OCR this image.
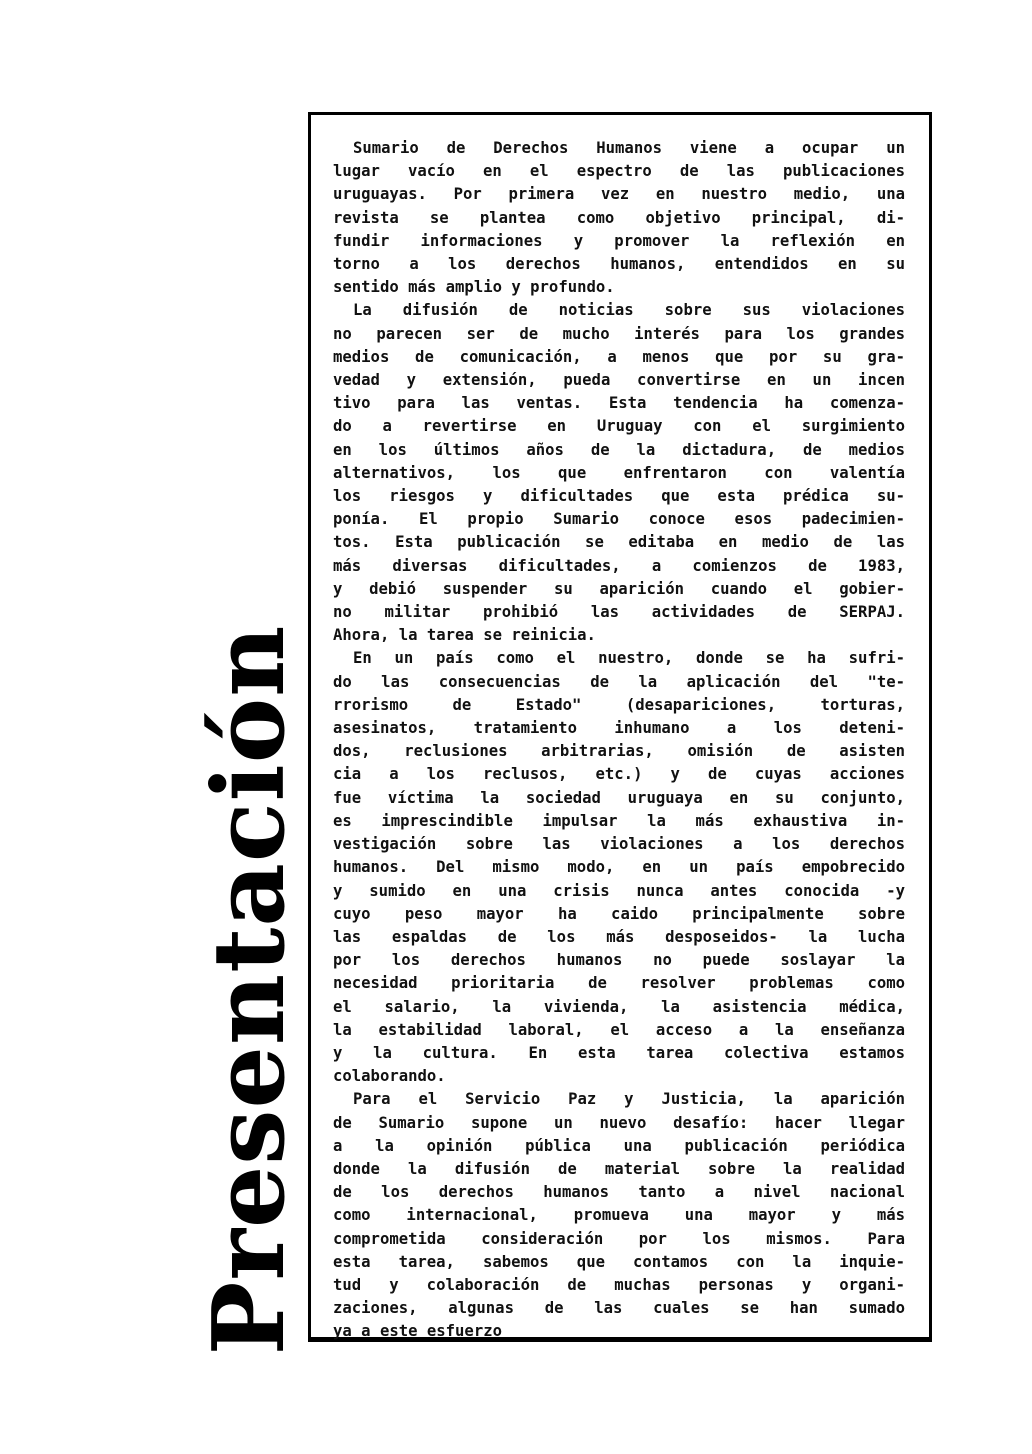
Presentación

Sumario de Derechos Humanos viene a ocupar un
lugar vacío en el espectro de las publicaciones
uruguayas. Por primera vez en nuestro medio, una
revista se plantea como objetivo principal, di-
fundir informaciones y promover la reflexión en
torno a los derechos humanos, entendidos en su
sentido más amplio y profundo.

La difusión de noticias sobre sus violaciones
no parecen ser de mucho interés para los grandes
medios de comunicación, a menos que por su gra-
vedad y extensión, pueda convertirse en un incen
tivo para las ventas. Esta tendencia ha comenza-
do a revertirse en Uruguay con el surgimiento
en los últimos años de la dictadura, de medios
alternativos, los que enfrentaron con valentía
los riesgos y dificultades que esta prédica su-
ponía. El propio Sumario conoce esos padecimien-
tos. Esta publicación se editaba en medio de las
más diversas dificultades, a comienzos de 1983,
y debió suspender su aparición cuando el gobier-
no militar prohibió las actividades de SERPAJ.
Ahora, la tarea se reinicia.

En un país como el nuestro, donde se ha sufri-
do las consecuencias de la aplicación del "te-
rrorismo de Estado" (desapariciones, torturas,
asesinatos, tratamiento inhumano a los deteni-
dos, reclusiones arbitrarias, omisión de asisten
cia a los reclusos, etc.) y de cuyas acciones
fue víctima la sociedad uruguaya en su conjunto,
es imprescindible impulsar la más exhaustiva in-
vestigación sobre las violaciones a los derechos
humanos. Del mismo modo, en un país empobrecido
y sumido en una crisis nunca antes conocida -y
cuyo peso mayor ha caido principalmente sobre
las espaldas de los más desposeidos- la lucha
por los derechos humanos no puede soslayar la
necesidad prioritaria de resolver problemas como
el salario, la vivienda, la asistencia médica,
la estabilidad laboral, el acceso a la enseñanza
y la cultura. En esta tarea colectiva estamos
colaborando.

Para el Servicio Paz y Justicia, la aparición
de Sumario supone un nuevo desafío: hacer llegar
a la opinión pública una publicación periódica
donde la difusión de material sobre la realidad
de los derechos humanos tanto a nivel nacional
como internacional, promueva una mayor y más
comprometida consideración por los mismos. Para
esta tarea, sabemos que contamos con la inquie-
tud y colaboración de muchas personas y organi-
zaciones, algunas de las cuales se han sumado
ya a este esfuerzo
